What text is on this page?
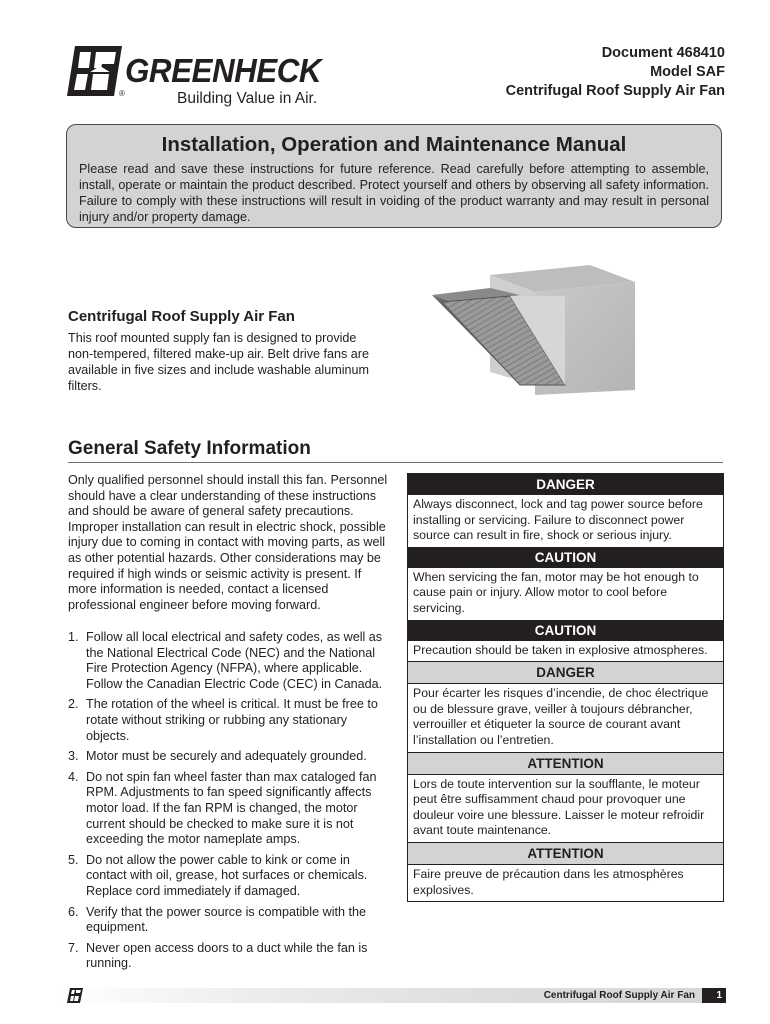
®
GREENHECK
Building Value in Air.
Document 468410
Model SAF
Centrifugal Roof Supply Air Fan
Installation, Operation and Maintenance Manual

Please read and save these instructions for future reference. Read carefully before attempting to assemble, install, operate or maintain the product described. Protect yourself and others by observing all safety information. Failure to comply with these instructions will result in voiding of the product warranty and may result in personal injury and/or property damage.

Centrifugal Roof Supply Air Fan
This roof mounted supply fan is designed to provide non-tempered, filtered make-up air. Belt drive fans are available in five sizes and include washable aluminum filters.
General Safety Information

Only qualified personnel should install this fan. Personnel should have a clear understanding of these instructions and should be aware of general safety precautions. Improper installation can result in electric shock, possible injury due to coming in contact with moving parts, as well as other potential hazards. Other considerations may be required if high winds or seismic activity is present. If more information is needed, contact a licensed professional engineer before moving forward.

1. Follow all local electrical and safety codes, as well as the National Electrical Code (NEC) and the National Fire Protection Agency (NFPA), where applicable. Follow the Canadian Electric Code (CEC) in Canada.
2. The rotation of the wheel is critical. It must be free to rotate without striking or rubbing any stationary objects.
3. Motor must be securely and adequately grounded.
4. Do not spin fan wheel faster than max cataloged fan RPM. Adjustments to fan speed significantly affects motor load. If the fan RPM is changed, the motor current should be checked to make sure it is not exceeding the motor nameplate amps.
5. Do not allow the power cable to kink or come in contact with oil, grease, hot surfaces or chemicals. Replace cord immediately if damaged.
6. Verify that the power source is compatible with the equipment.
7. Never open access doors to a duct while the fan is running.
DANGER
Always disconnect, lock and tag power source before installing or servicing. Failure to disconnect power source can result in fire, shock or serious injury.
CAUTION
When servicing the fan, motor may be hot enough to cause pain or injury. Allow motor to cool before servicing.
CAUTION
Precaution should be taken in explosive atmospheres.
DANGER
Pour écarter les risques d’incendie, de choc électrique ou de blessure grave, veiller à toujours débrancher, verrouiller et étiqueter la source de courant avant l’installation ou l’entretien.
ATTENTION
Lors de toute intervention sur la soufflante, le moteur peut être suffisamment chaud pour provoquer une douleur voire une blessure. Laisser le moteur refroidir avant toute maintenance.
ATTENTION
Faire preuve de précaution dans les atmosphères explosives.
Centrifugal Roof Supply Air Fan	1
